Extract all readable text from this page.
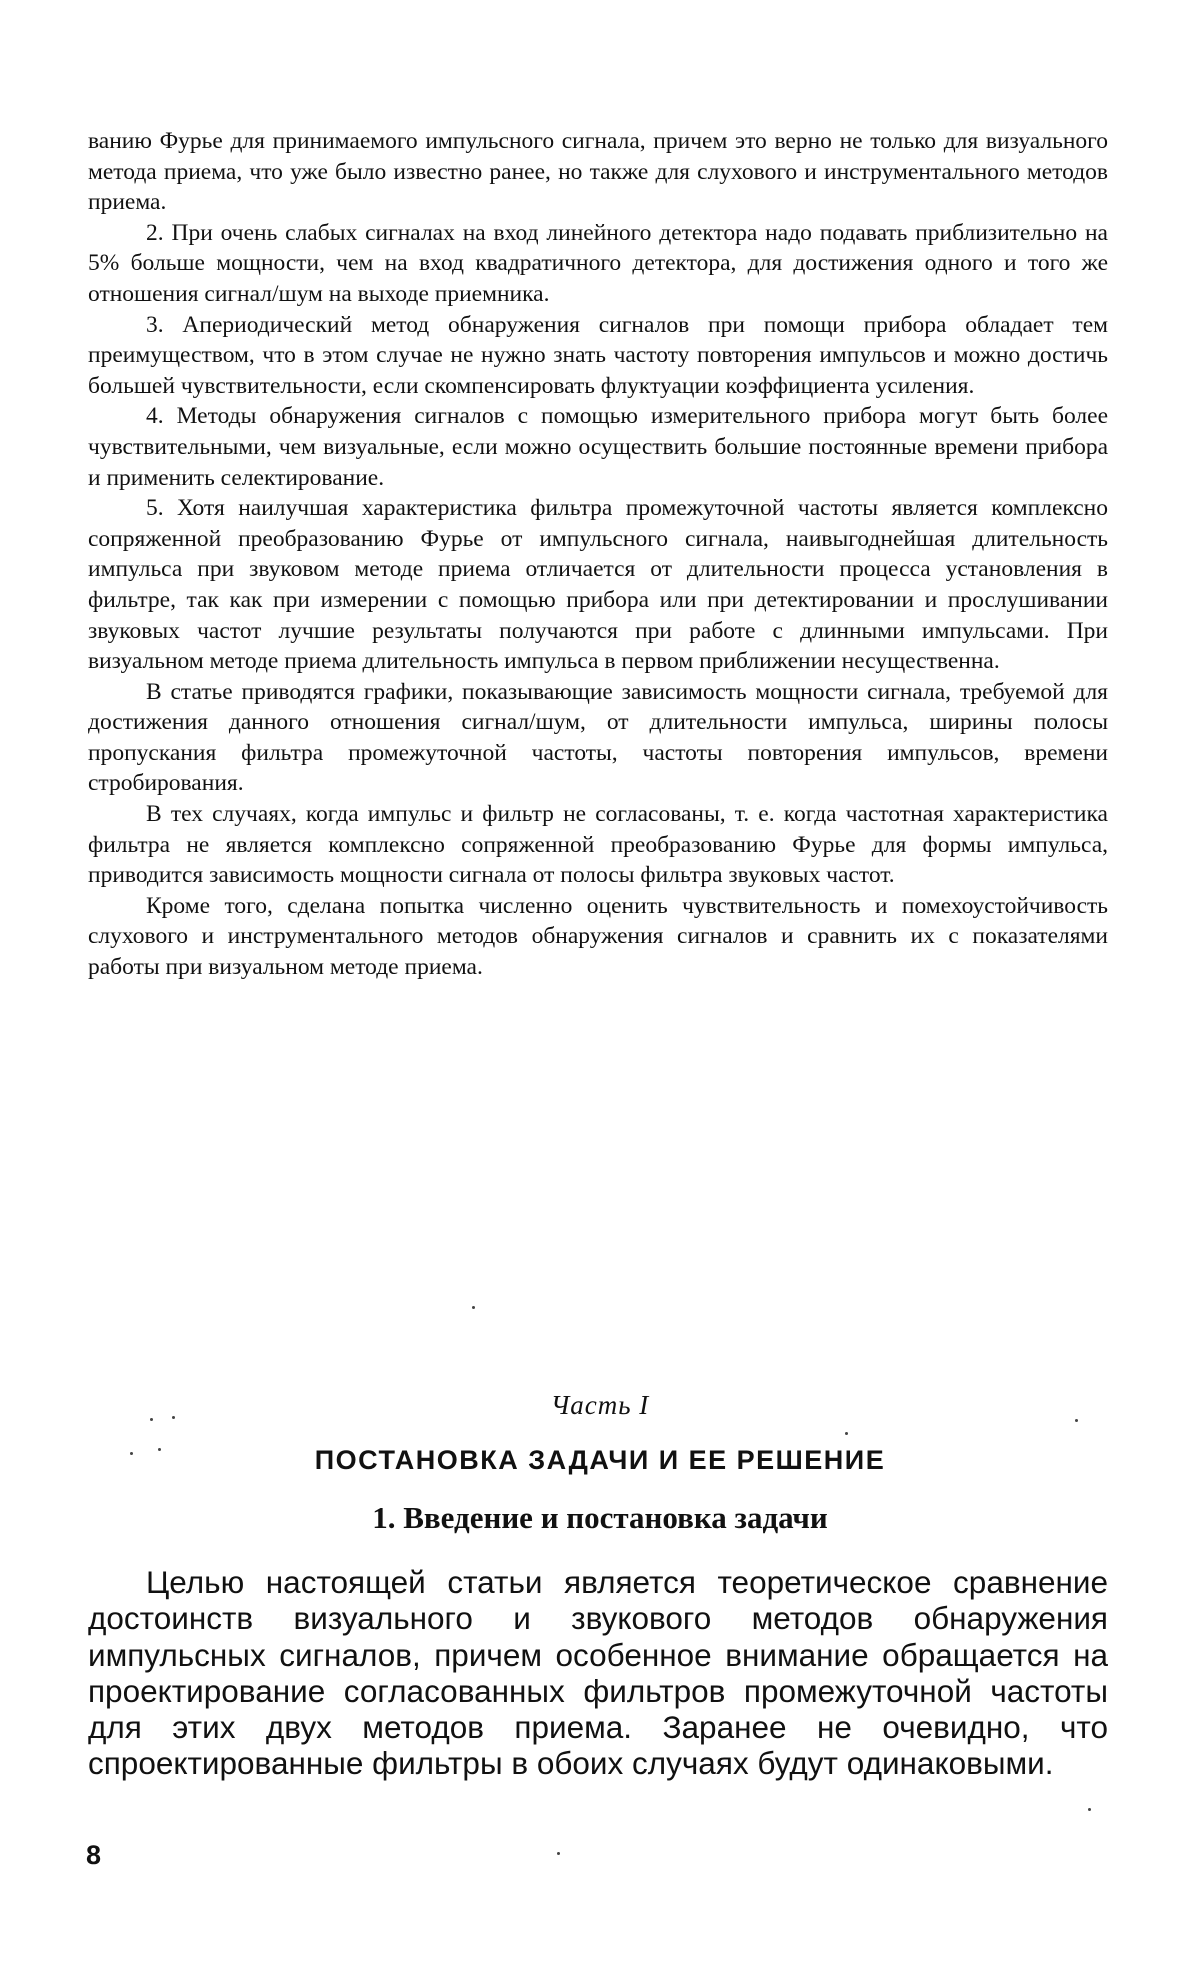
ванию Фурье для принимаемого импульсного сигнала, причем это верно не только для визуального метода приема, что уже было известно ранее, но также для слухового и инструментального методов приема.

2. При очень слабых сигналах на вход линейного детектора надо подавать приблизительно на 5% больше мощности, чем на вход квадратичного детектора, для достижения одного и того же отношения сигнал/шум на выходе приемника.

3. Апериодический метод обнаружения сигналов при помощи прибора обладает тем преимуществом, что в этом случае не нужно знать частоту повторения импульсов и можно достичь большей чувствительности, если скомпенсировать флуктуации коэффициента усиления.

4. Методы обнаружения сигналов с помощью измерительного прибора могут быть более чувствительными, чем визуальные, если можно осуществить большие постоянные времени прибора и применить селектирование.

5. Хотя наилучшая характеристика фильтра промежуточной частоты является комплексно сопряженной преобразованию Фурье от импульсного сигнала, наивыгоднейшая длительность импульса при звуковом методе приема отличается от длительности процесса установления в фильтре, так как при измерении с помощью прибора или при детектировании и прослушивании звуковых частот лучшие результаты получаются при работе с длинными импульсами. При визуальном методе приема длительность импульса в первом приближении несущественна.

В статье приводятся графики, показывающие зависимость мощности сигнала, требуемой для достижения данного отношения сигнал/шум, от длительности импульса, ширины полосы пропускания фильтра промежуточной частоты, частоты повторения импульсов, времени стробирования.

В тех случаях, когда импульс и фильтр не согласованы, т. е. когда частотная характеристика фильтра не является комплексно сопряженной преобразованию Фурье для формы импульса, приводится зависимость мощности сигнала от полосы фильтра звуковых частот.

Кроме того, сделана попытка численно оценить чувствительность и помехоустойчивость слухового и инструментального методов обнаружения сигналов и сравнить их с показателями работы при визуальном методе приема.

Часть I
ПОСТАНОВКА ЗАДАЧИ И ЕЕ РЕШЕНИЕ
1. Введение и постановка задачи

Целью настоящей статьи является теоретическое сравнение достоинств визуального и звукового методов обнаружения импульсных сигналов, причем особенное внимание обращается на проектирование согласованных фильтров промежуточной частоты для этих двух методов приема. Заранее не очевидно, что спроектированные фильтры в обоих случаях будут одинаковыми.

8
